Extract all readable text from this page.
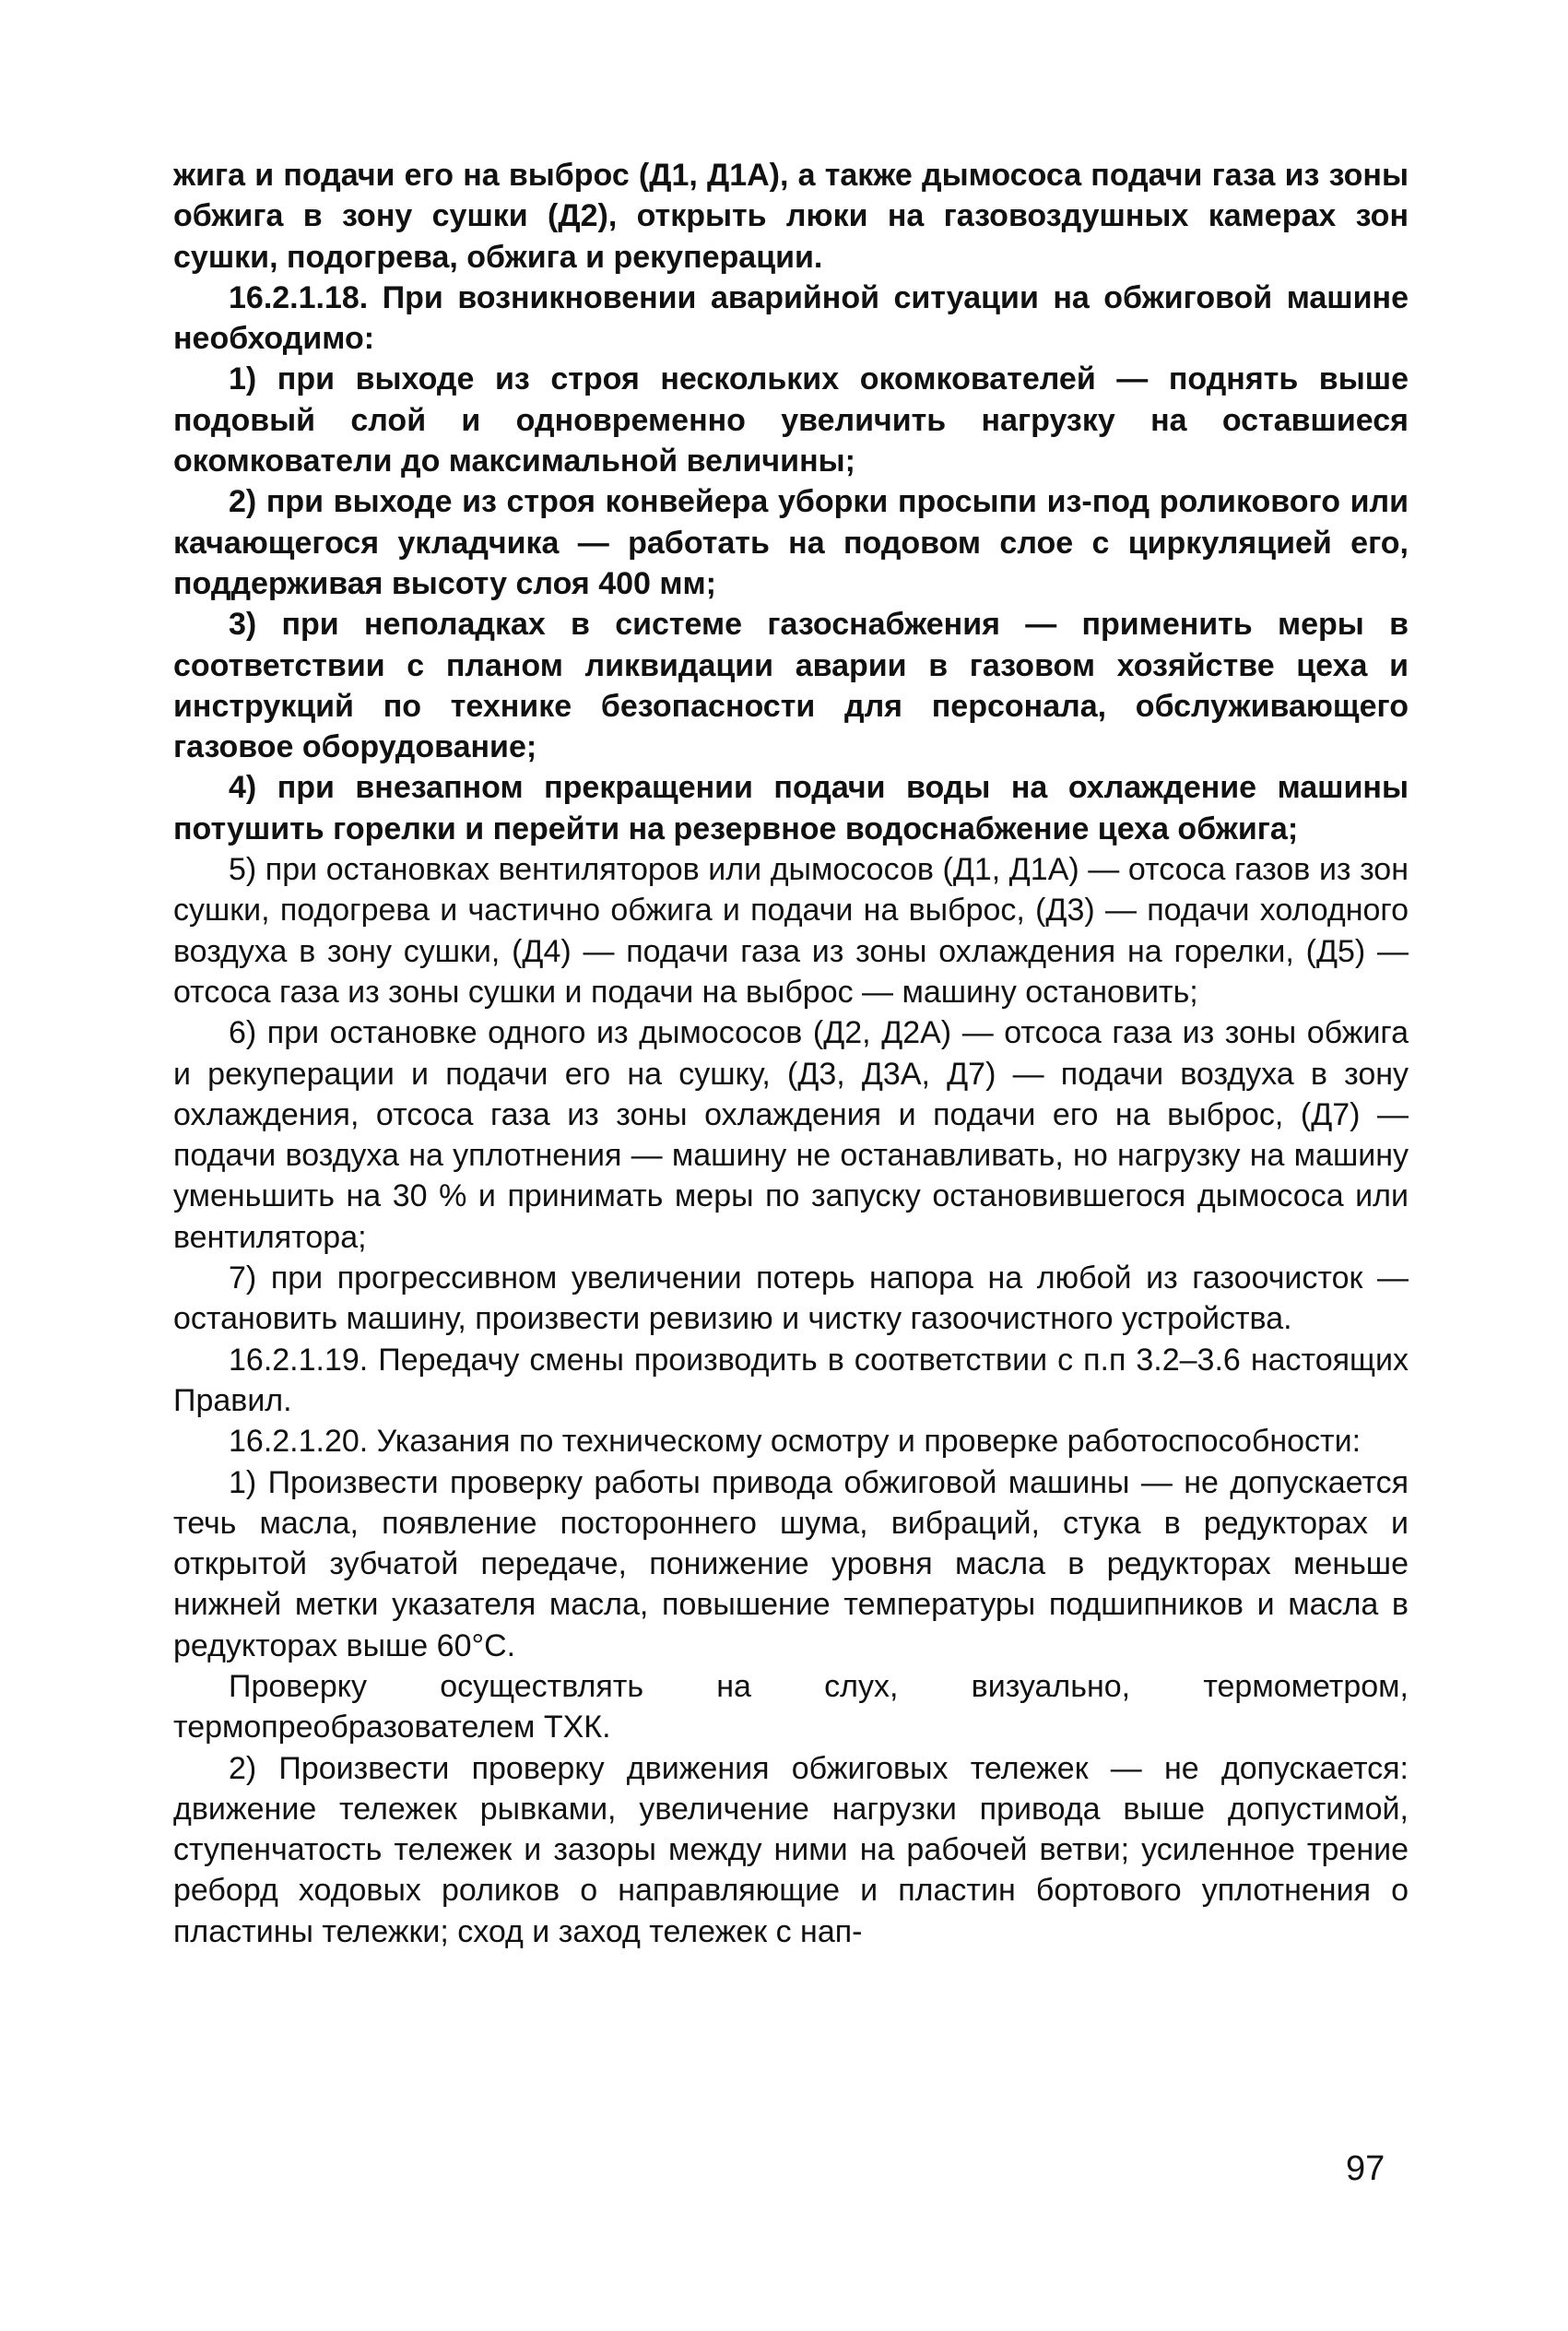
жига и подачи его на выброс (Д1, Д1А), а также дымососа подачи газа из зоны обжига в зону сушки (Д2), открыть люки на газовоздушных камерах зон сушки, подогрева, обжига и рекуперации.

16.2.1.18. При возникновении аварийной ситуации на обжиговой машине необходимо:

1) при выходе из строя нескольких окомкователей — поднять выше подовый слой и одновременно увеличить нагрузку на оставшиеся окомкователи до максимальной величины;

2) при выходе из строя конвейера уборки просыпи из-под роликового или качающегося укладчика — работать на подовом слое с циркуляцией его, поддерживая высоту слоя 400 мм;

3) при неполадках в системе газоснабжения — применить меры в соответствии с планом ликвидации аварии в газовом хозяйстве цеха и инструкций по технике безопасности для персонала, обслуживающего газовое оборудование;

4) при внезапном прекращении подачи воды на охлаждение машины потушить горелки и перейти на резервное водоснабжение цеха обжига;

5) при остановках вентиляторов или дымососов (Д1, Д1А) — отсоса газов из зон сушки, подогрева и частично обжига и подачи на выброс, (Д3) — подачи холодного воздуха в зону сушки, (Д4) — подачи газа из зоны охлаждения на горелки, (Д5) — отсоса газа из зоны сушки и подачи на выброс — машину остановить;

6) при остановке одного из дымососов (Д2, Д2А) — отсоса газа из зоны обжига и рекуперации и подачи его на сушку, (Д3, Д3А, Д7) — подачи воздуха в зону охлаждения, отсоса газа из зоны охлаждения и подачи его на выброс, (Д7) — подачи воздуха на уплотнения — машину не останавливать, но нагрузку на машину уменьшить на 30 % и принимать меры по запуску остановившегося дымососа или вентилятора;

7) при прогрессивном увеличении потерь напора на любой из газоочисток — остановить машину, произвести ревизию и чистку газоочистного устройства.

16.2.1.19. Передачу смены производить в соответствии с п.п 3.2–3.6 настоящих Правил.

16.2.1.20. Указания по техническому осмотру и проверке работоспособности:

1) Произвести проверку работы привода обжиговой машины — не допускается течь масла, появление постороннего шума, вибраций, стука в редукторах и открытой зубчатой передаче, понижение уровня масла в редукторах меньше нижней метки указателя масла, повышение температуры подшипников и масла в редукторах выше 60°С.

Проверку осуществлять на слух, визуально, термометром, термопреобразователем ТХК.

2) Произвести проверку движения обжиговых тележек — не допускается: движение тележек рывками, увеличение нагрузки привода выше допустимой, ступенчатость тележек и зазоры между ними на рабочей ветви; усиленное трение реборд ходовых роликов о направляющие и пластин бортового уплотнения о пластины тележки; сход и заход тележек с нап-

97
